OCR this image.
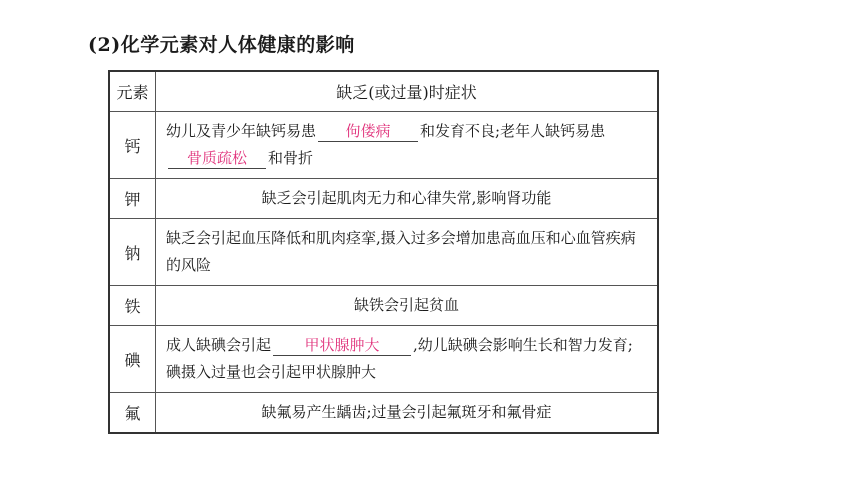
(2)化学元素对人体健康的影响
元素	缺乏(或过量)时症状
钙	幼儿及青少年缺钙易患 佝偻病 和发育不良;老年人缺钙易患骨质疏松 和骨折
钾	缺乏会引起肌肉无力和心律失常,影响肾功能
钠	缺乏会引起血压降低和肌肉痉挛,摄入过多会增加患高血压和心血管疾病的风险
铁	缺铁会引起贫血
碘	成人缺碘会引起 甲状腺肿大 ,幼儿缺碘会影响生长和智力发育;碘摄入过量也会引起甲状腺肿大
氟	缺氟易产生龋齿;过量会引起氟斑牙和氟骨症
